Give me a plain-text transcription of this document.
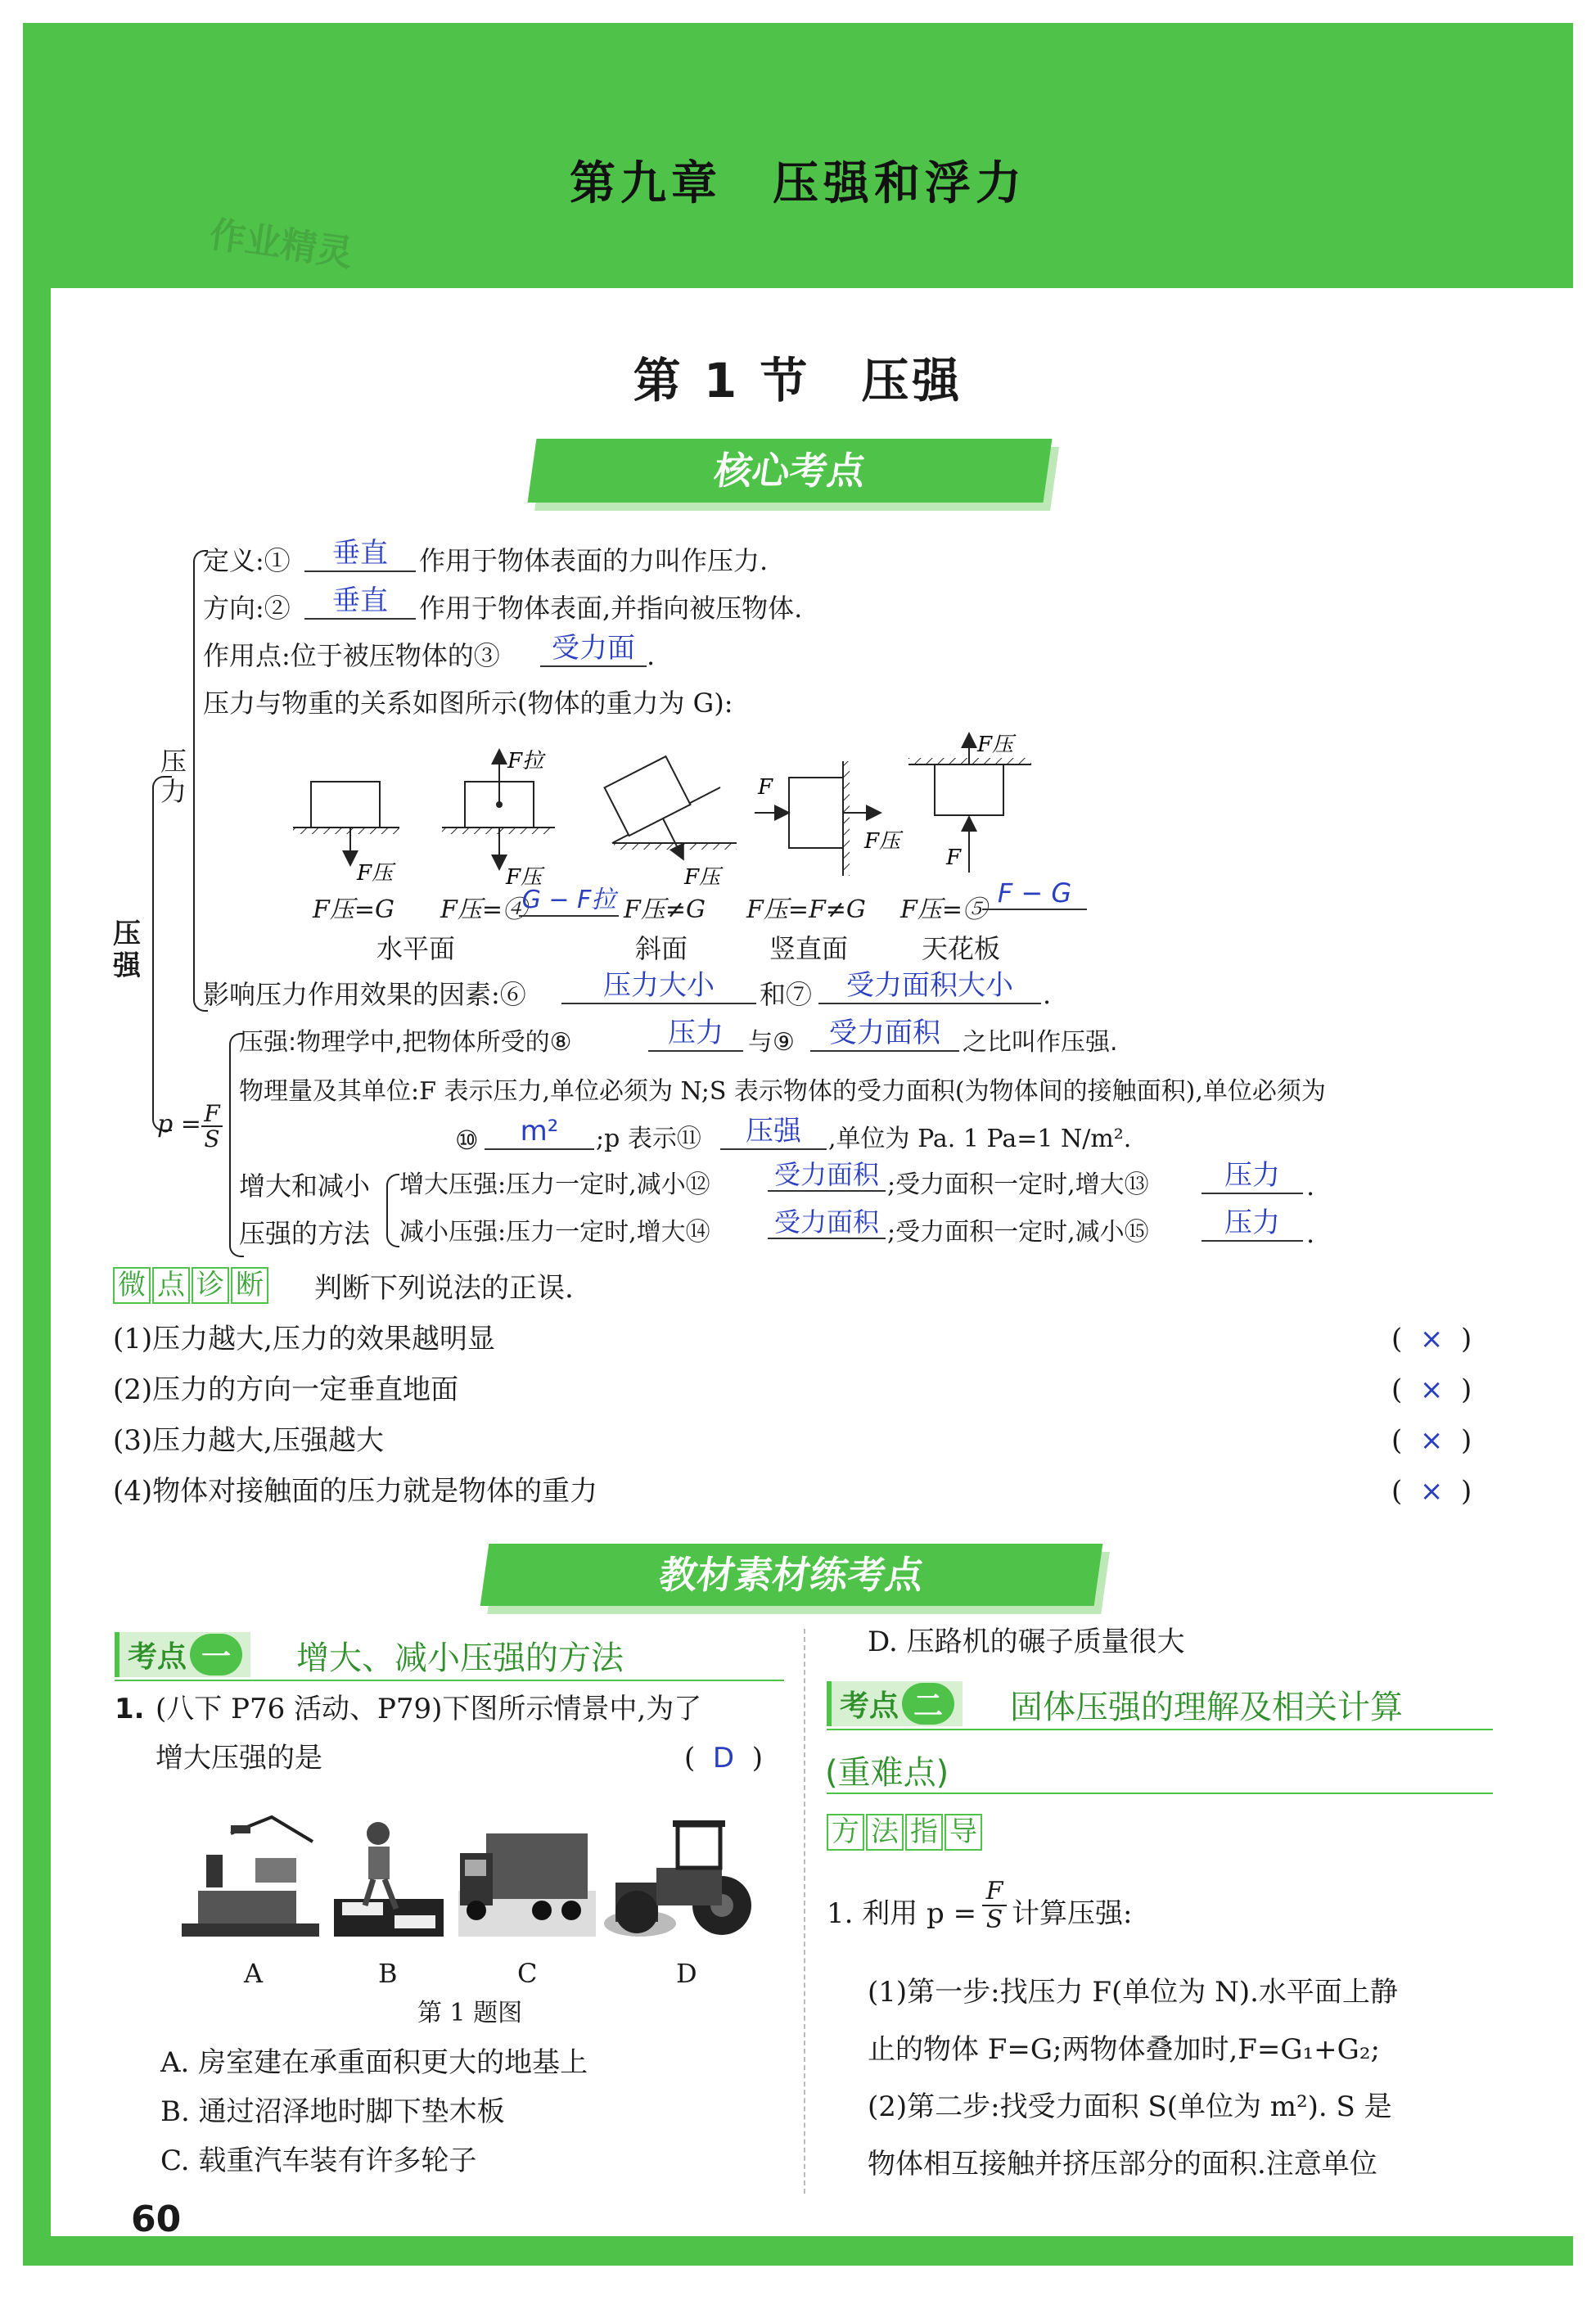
第九章　压强和浮力
作业精灵
第 1 节　压强
核心考点
压强
压力
定义:①	垂直	作用于物体表面的力叫作压力.
方向:②	垂直	作用于物体表面,并指向被压物体.
作用点:位于被压物体的③	受力面 .
压力与物重的关系如图所示(物体的重力为 G):
F压
F拉
F压	F压
F
F压
F压
F
F压=G F压=④
G − F拉 F压≠G F压=F≠G F压=⑤
F − G
水平面	斜面	竖直面	天花板
影响压力作用效果的因素:⑥	压力大小	和⑦	受力面积大小	.
p = F
S
压强:物理学中,把物体所受的⑧	压力	与⑨	受力面积 之比叫作压强.
物理量及其单位:F 表示压力,单位必须为 N;S 表示物体的受力面积(为物体间的接触面积),单位必须为
⑩	m²	;p 表示⑪	压强	,单位为 Pa. 1 Pa=1 N/m².
增大和减小
压强的方法
增大压强:压力一定时,减小⑫ 受力面积 ;受力面积一定时,增大⑬	压力	.
减小压强:压力一定时,增大⑭ 受力面积 ;受力面积一定时,减小⑮	压力	.
微 点 诊 断 判断下列说法的正误.
(1)压力越大,压力的效果越明显	(  ×  )
(2)压力的方向一定垂直地面	(  ×  )
(3)压力越大,压强越大	(  ×  )
(4)物体对接触面的压力就是物体的重力	(  ×  )
教材素材练考点
考点 一	增大、减小压强的方法
1. (八下 P76 活动、P79)下图所示情景中,为了
增大压强的是	(  D  )
A	B	C	D
第 1 题图
A. 房室建在承重面积更大的地基上
B. 通过沼泽地时脚下垫木板
C. 载重汽车装有许多轮子
D. 压路机的碾子质量很大
考点 二	固体压强的理解及相关计算
(重难点)
方 法 指 导
1. 利用 p =
F
S 计算压强:
(1)第一步:找压力 F(单位为 N).水平面上静
止的物体 F=G;两物体叠加时,F=G₁+G₂;
(2)第二步:找受力面积 S(单位为 m²). S 是
物体相互接触并挤压部分的面积.注意单位
60
